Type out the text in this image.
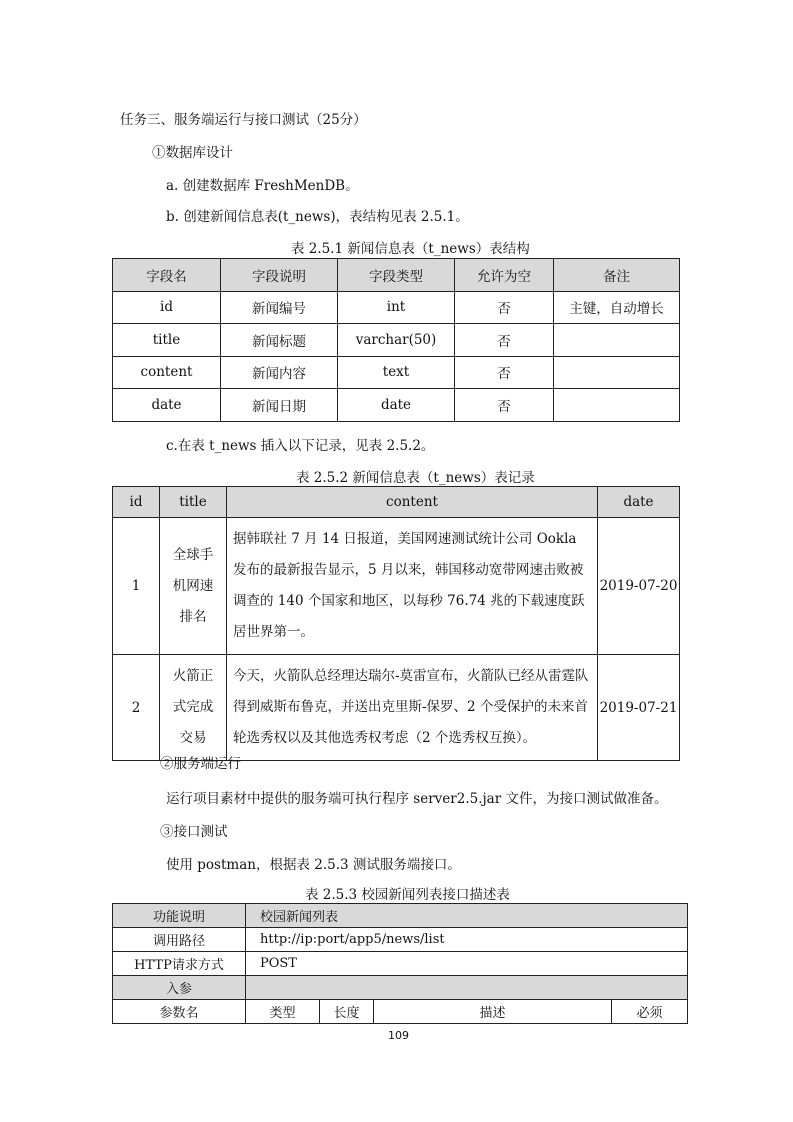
任务三、服务端运行与接口测试（25分）
①数据库设计
a. 创建数据库 FreshMenDB。
b. 创建新闻信息表(t_news)，表结构见表 2.5.1。
表 2.5.1 新闻信息表（t_news）表结构
字段名	字段说明	字段类型	允许为空	备注
id	新闻编号	int	否	主键，自动增长
title	新闻标题	varchar(50)	否	
content	新闻内容	text	否	
date	新闻日期	date	否	
c.在表 t_news 插入以下记录，见表 2.5.2。
表 2.5.2 新闻信息表（t_news）表记录
id	title	content	date
1	全球手机网速排名	据韩联社 7 月 14 日报道，美国网速测试统计公司 Ookla 发布的最新报告显示，5 月以来，韩国移动宽带网速击败被调查的 140 个国家和地区，以每秒 76.74 兆的下载速度跃居世界第一。	2019-07-20
2	火箭正式完成交易	今天，火箭队总经理达瑞尔-莫雷宣布，火箭队已经从雷霆队得到威斯布鲁克，并送出克里斯-保罗、2 个受保护的未来首轮选秀权以及其他选秀权考虑（2 个选秀权互换）。	2019-07-21
②服务端运行
运行项目素材中提供的服务端可执行程序 server2.5.jar 文件，为接口测试做准备。
③接口测试
使用 postman，根据表 2.5.3 测试服务端接口。
表 2.5.3 校园新闻列表接口描述表
功能说明	校园新闻列表			
调用路径	http://ip:port/app5/news/list			
HTTP请求方式	POST			
入参				
参数名	类型	长度	描述	必须
109
